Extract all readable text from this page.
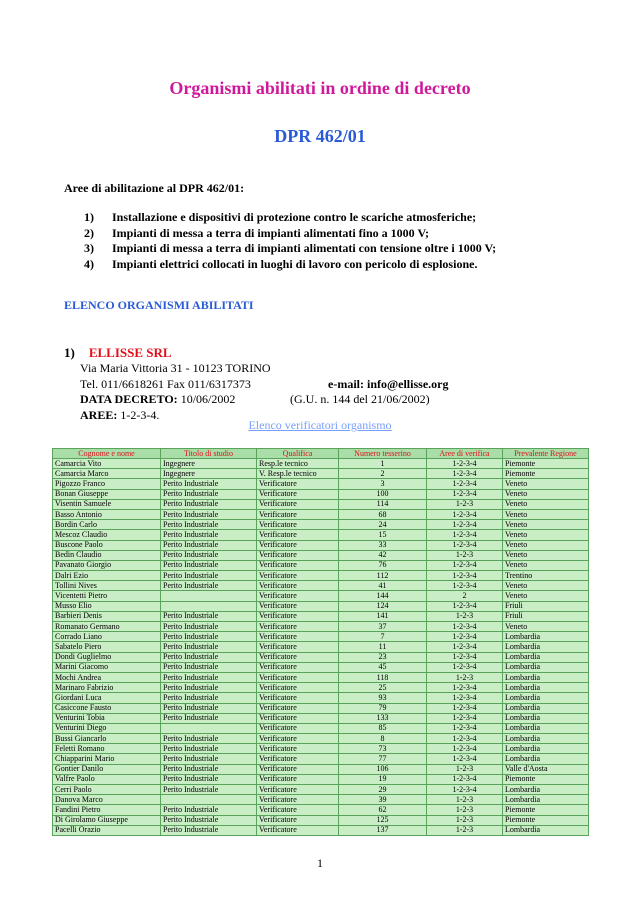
Organismi abilitati in ordine di decreto
DPR 462/01
Aree di abilitazione al DPR 462/01:
1) Installazione e dispositivi di protezione contro le scariche atmosferiche;
2) Impianti di messa a terra di impianti alimentati fino a 1000 V;
3) Impianti di messa a terra di impianti alimentati con tensione oltre i 1000 V;
4) Impianti elettrici collocati in luoghi di lavoro con pericolo di esplosione.
ELENCO ORGANISMI ABILITATI
1) ELLISSE SRL
Via Maria Vittoria 31 - 10123 TORINO
Tel. 011/6618261 Fax 011/6317373	e-mail: info@ellisse.org
DATA DECRETO: 10/06/2002	(G.U. n. 144 del 21/06/2002)
AREE: 1-2-3-4.
Elenco verificatori organismo
Cognome e nome	Titolo di studio	Qualifica	Numero tesserino	Aree di verifica	Prevalente Regione
Camarcia Vito	Ingegnere	Resp.le tecnico	1	1-2-3-4	Piemonte
Camarcia Marco	Ingegnere	V. Resp.le tecnico	2	1-2-3-4	Piemonte
Pigozzo Franco	Perito Industriale	Verificatore	3	1-2-3-4	Veneto
Bonan Giuseppe	Perito Industriale	Verificatore	100	1-2-3-4	Veneto
Visentin Samuele	Perito Industriale	Verificatore	114	1-2-3	Veneto
Basso Antonio	Perito Industriale	Verificatore	68	1-2-3-4	Veneto
Bordin Carlo	Perito Industriale	Verificatore	24	1-2-3-4	Veneto
Mescoz Claudio	Perito Industriale	Verificatore	15	1-2-3-4	Veneto
Buscone Paolo	Perito Industriale	Verificatore	33	1-2-3-4	Veneto
Bedin Claudio	Perito Industriale	Verificatore	42	1-2-3	Veneto
Pavanato Giorgio	Perito Industriale	Verificatore	76	1-2-3-4	Veneto
Dalri Ezio	Perito Industriale	Verificatore	112	1-2-3-4	Trentino
Tollini Nives	Perito Industriale	Verificatore	41	1-2-3-4	Veneto
Vicentetti Pietro		Verificatore	144	2	Veneto
Musso Elio		Verificatore	124	1-2-3-4	Friuli
Barbieri Denis	Perito Industriale	Verificatore	141	1-2-3	Friuli
Romanato Germano	Perito Industriale	Verificatore	37	1-2-3-4	Veneto
Corrado Liano	Perito Industriale	Verificatore	7	1-2-3-4	Lombardia
Sabatelo Piero	Perito Industriale	Verificatore	11	1-2-3-4	Lombardia
Dondi Guglielmo	Perito Industriale	Verificatore	23	1-2-3-4	Lombardia
Marini Giacomo	Perito Industriale	Verificatore	45	1-2-3-4	Lombardia
Mochi Andrea	Perito Industriale	Verificatore	118	1-2-3	Lombardia
Marinaro Fabrizio	Perito Industriale	Verificatore	25	1-2-3-4	Lombardia
Giordani Luca	Perito Industriale	Verificatore	93	1-2-3-4	Lombardia
Casiccone Fausto	Perito Industriale	Verificatore	79	1-2-3-4	Lombardia
Venturini Tobia	Perito Industriale	Verificatore	133	1-2-3-4	Lombardia
Venturini Diego		Verificatore	85	1-2-3-4	Lombardia
Bussi Giancarlo	Perito Industriale	Verificatore	8	1-2-3-4	Lombardia
Feletti Romano	Perito Industriale	Verificatore	73	1-2-3-4	Lombardia
Chiapparini Mario	Perito Industriale	Verificatore	77	1-2-3-4	Lombardia
Gontier Danilo	Perito Industriale	Verificatore	106	1-2-3	Valle d'Aosta
Valfre Paolo	Perito Industriale	Verificatore	19	1-2-3-4	Piemonte
Cerri Paolo	Perito Industriale	Verificatore	29	1-2-3-4	Lombardia
Danova Marco		Verificatore	39	1-2-3	Lombardia
Fandini Pietro	Perito Industriale	Verificatore	62	1-2-3	Piemonte
Di Girolamo Giuseppe	Perito Industriale	Verificatore	125	1-2-3	Piemonte
Pacelli Orazio	Perito Industriale	Verificatore	137	1-2-3	Lombardia
1
